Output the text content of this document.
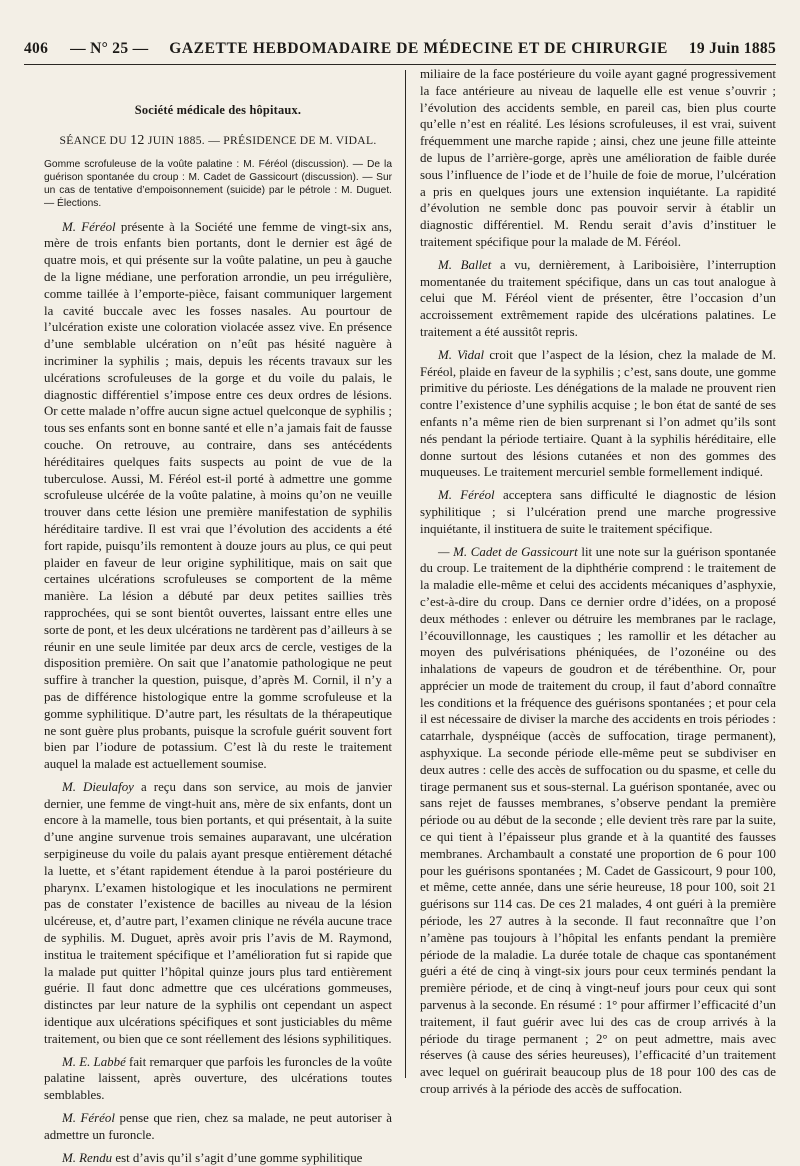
406 — N° 25 —	GAZETTE HEBDOMADAIRE DE MÉDECINE ET DE CHIRURGIE	19 Juin 1885
Société médicale des hôpitaux.
SÉANCE DU 12 JUIN 1885. — PRÉSIDENCE DE M. VIDAL.
Gomme scrofuleuse de la voûte palatine : M. Féréol (discussion). — De la guérison spontanée du croup : M. Cadet de Gassicourt (discussion). — Sur un cas de tentative d’empoisonnement (suicide) par le pétrole : M. Duguet. — Élections.

M. Féréol présente à la Société une femme de vingt-six ans, mère de trois enfants bien portants, dont le dernier est âgé de quatre mois, et qui présente sur la voûte palatine, un peu à gauche de la ligne médiane, une perforation arrondie, un peu irrégulière, comme taillée à l’emporte-pièce, faisant communiquer largement la cavité buccale avec les fosses nasales. Au pourtour de l’ulcération existe une coloration violacée assez vive. En présence d’une semblable ulcération on n’eût pas hésité naguère à incriminer la syphilis ; mais, depuis les récents travaux sur les ulcérations scrofuleuses de la gorge et du voile du palais, le diagnostic différentiel s’impose entre ces deux ordres de lésions. Or cette malade n’offre aucun signe actuel quelconque de syphilis ; tous ses enfants sont en bonne santé et elle n’a jamais fait de fausse couche. On retrouve, au contraire, dans ses antécédents héréditaires quelques faits suspects au point de vue de la tuberculose. Aussi, M. Féréol est-il porté à admettre une gomme scrofuleuse ulcérée de la voûte palatine, à moins qu’on ne veuille trouver dans cette lésion une première manifestation de syphilis héréditaire tardive. Il est vrai que l’évolution des accidents a été fort rapide, puisqu’ils remontent à douze jours au plus, ce qui peut plaider en faveur de leur origine syphilitique, mais on sait que certaines ulcérations scrofuleuses se comportent de la même manière. La lésion a débuté par deux petites saillies très rapprochées, qui se sont bientôt ouvertes, laissant entre elles une sorte de pont, et les deux ulcérations ne tardèrent pas d’ailleurs à se réunir en une seule limitée par deux arcs de cercle, vestiges de la disposition première. On sait que l’anatomie pathologique ne peut suffire à trancher la question, puisque, d’après M. Cornil, il n’y a pas de différence histologique entre la gomme scrofuleuse et la gomme syphilitique. D’autre part, les résultats de la thérapeutique ne sont guère plus probants, puisque la scrofule guérit souvent fort bien par l’iodure de potassium. C’est là du reste le traitement auquel la malade est actuellement soumise.

M. Dieulafoy a reçu dans son service, au mois de janvier dernier, une femme de vingt-huit ans, mère de six enfants, dont un encore à la mamelle, tous bien portants, et qui présentait, à la suite d’une angine survenue trois semaines auparavant, une ulcération serpigineuse du voile du palais ayant presque entièrement détaché la luette, et s’étant rapidement étendue à la paroi postérieure du pharynx. L’examen histologique et les inoculations ne permirent pas de constater l’existence de bacilles au niveau de la lésion ulcéreuse, et, d’autre part, l’examen clinique ne révéla aucune trace de syphilis. M. Duguet, après avoir pris l’avis de M. Raymond, institua le traitement spécifique et l’amélioration fut si rapide que la malade put quitter l’hôpital quinze jours plus tard entièrement guérie. Il faut donc admettre que ces ulcérations gommeuses, distinctes par leur nature de la syphilis ont cependant un aspect identique aux ulcérations spécifiques et sont justiciables du même traitement, ou bien que ce sont réellement des lésions syphilitiques.

M. E. Labbé fait remarquer que parfois les furoncles de la voûte palatine laissent, après ouverture, des ulcérations toutes semblables.

M. Féréol pense que rien, chez sa malade, ne peut autoriser à admettre un furoncle.

M. Rendu est d’avis qu’il s’agit d’une gomme syphilitique

miliaire de la face postérieure du voile ayant gagné progressivement la face antérieure au niveau de laquelle elle est venue s’ouvrir ; l’évolution des accidents semble, en pareil cas, bien plus courte qu’elle n’est en réalité. Les lésions scrofuleuses, il est vrai, suivent fréquemment une marche rapide ; ainsi, chez une jeune fille atteinte de lupus de l’arrière-gorge, après une amélioration de faible durée sous l’influence de l’iode et de l’huile de foie de morue, l’ulcération a pris en quelques jours une extension inquiétante. La rapidité d’évolution ne semble donc pas pouvoir servir à établir un diagnostic différentiel. M. Rendu serait d’avis d’instituer le traitement spécifique pour la malade de M. Féréol.

M. Ballet a vu, dernièrement, à Lariboisière, l’interruption momentanée du traitement spécifique, dans un cas tout analogue à celui que M. Féréol vient de présenter, être l’occasion d’un accroissement extrêmement rapide des ulcérations palatines. Le traitement a été aussitôt repris.

M. Vidal croit que l’aspect de la lésion, chez la malade de M. Féréol, plaide en faveur de la syphilis ; c’est, sans doute, une gomme primitive du périoste. Les dénégations de la malade ne prouvent rien contre l’existence d’une syphilis acquise ; le bon état de santé de ses enfants n’a même rien de bien surprenant si l’on admet qu’ils sont nés pendant la période tertiaire. Quant à la syphilis héréditaire, elle donne surtout des lésions cutanées et non des gommes des muqueuses. Le traitement mercuriel semble formellement indiqué.

M. Féréol acceptera sans difficulté le diagnostic de lésion syphilitique ; si l’ulcération prend une marche progressive inquiétante, il instituera de suite le traitement spécifique.

— M. Cadet de Gassicourt lit une note sur la guérison spontanée du croup. Le traitement de la diphthérie comprend : le traitement de la maladie elle-même et celui des accidents mécaniques d’asphyxie, c’est-à-dire du croup. Dans ce dernier ordre d’idées, on a proposé deux méthodes : enlever ou détruire les membranes par le raclage, l’écouvillonnage, les caustiques ; les ramollir et les détacher au moyen des pulvérisations phéniquées, de l’ozonéine ou des inhalations de vapeurs de goudron et de térébenthine. Or, pour apprécier un mode de traitement du croup, il faut d’abord connaître les conditions et la fréquence des guérisons spontanées ; et pour cela il est nécessaire de diviser la marche des accidents en trois périodes : catarrhale, dyspnéique (accès de suffocation, tirage permanent), asphyxique. La seconde période elle-même peut se subdiviser en deux autres : celle des accès de suffocation ou du spasme, et celle du tirage permanent sus et sous-sternal. La guérison spontanée, avec ou sans rejet de fausses membranes, s’observe pendant la première période ou au début de la seconde ; elle devient très rare par la suite, ce qui tient à l’épaisseur plus grande et à la quantité des fausses membranes. Archambault a constaté une proportion de 6 pour 100 pour les guérisons spontanées ; M. Cadet de Gassicourt, 9 pour 100, et même, cette année, dans une série heureuse, 18 pour 100, soit 21 guérisons sur 114 cas. De ces 21 malades, 4 ont guéri à la première période, les 27 autres à la seconde. Il faut reconnaître que l’on n’amène pas toujours à l’hôpital les enfants pendant la première période de la maladie. La durée totale de chaque cas spontanément guéri a été de cinq à vingt-six jours pour ceux terminés pendant la première période, et de cinq à vingt-neuf jours pour ceux qui sont parvenus à la seconde. En résumé : 1° pour affirmer l’efficacité d’un traitement, il faut guérir avec lui des cas de croup arrivés à la période du tirage permanent ; 2° on peut admettre, mais avec réserves (à cause des séries heureuses), l’efficacité d’un traitement avec lequel on guérirait beaucoup plus de 18 pour 100 des cas de croup arrivés à la période des accès de suffocation.
